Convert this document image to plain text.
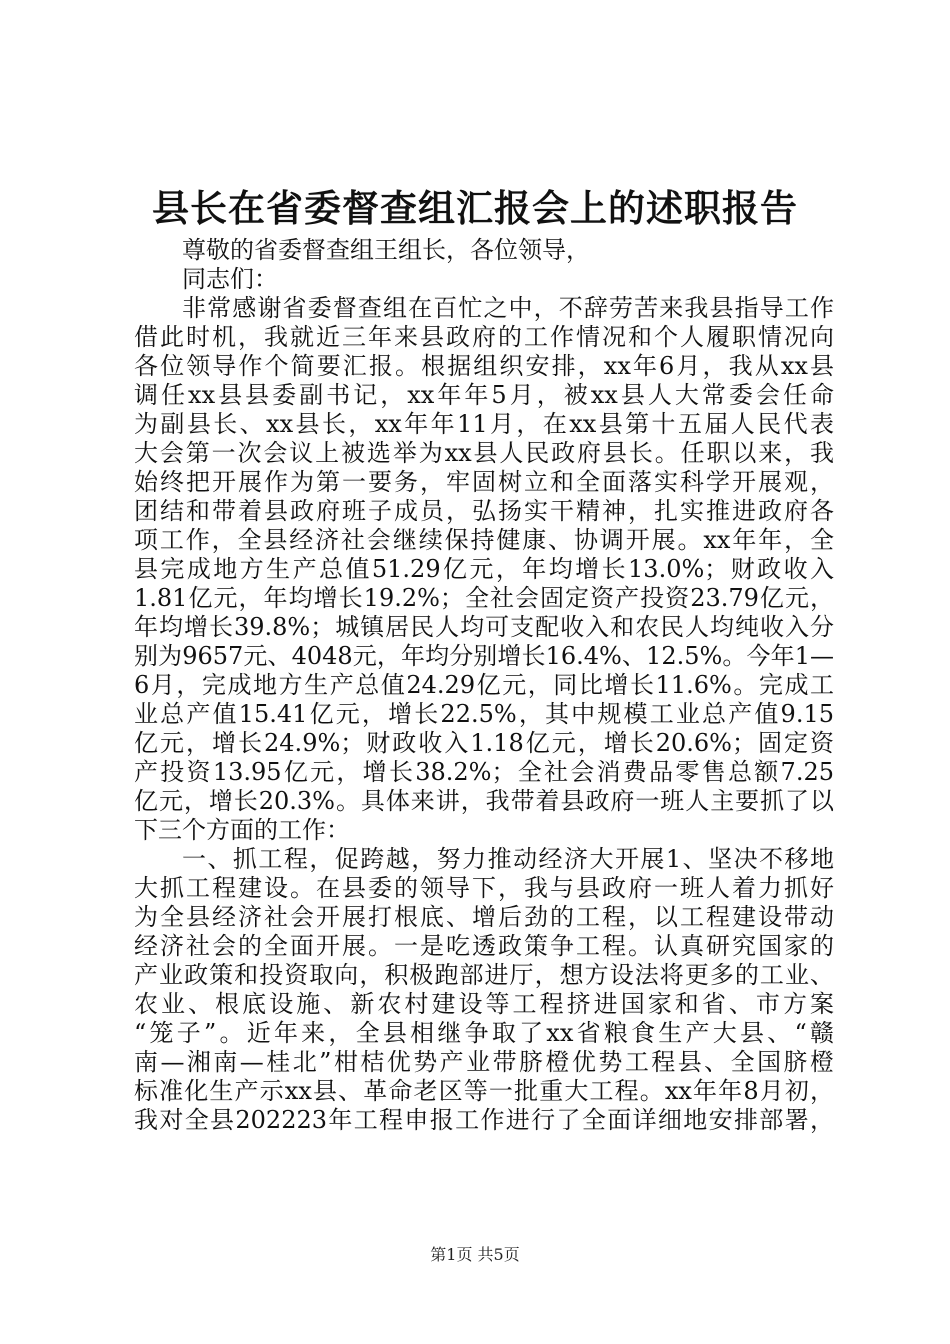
县长在省委督查组汇报会上的述职报告
尊敬的省委督查组王组长，各位领导，
同志们：
非常感谢省委督查组在百忙之中，不辞劳苦来我县指导工作
借此时机，我就近三年来县政府的工作情况和个人履职情况向
各位领导作个简要汇报。根据组织安排，xx年6月，我从xx县
调任xx县县委副书记，xx年年5月，被xx县人大常委会任命
为副县长、xx县长，xx年年11月，在xx县第十五届人民代表
大会第一次会议上被选举为xx县人民政府县长。任职以来，我
始终把开展作为第一要务，牢固树立和全面落实科学开展观，
团结和带着县政府班子成员，弘扬实干精神，扎实推进政府各
项工作，全县经济社会继续保持健康、协调开展。xx年年，全
县完成地方生产总值51.29亿元，年均增长13.0%；财政收入
1.81亿元，年均增长19.2%；全社会固定资产投资23.79亿元，
年均增长39.8%；城镇居民人均可支配收入和农民人均纯收入分
别为9657元、4048元，年均分别增长16.4%、12.5%。今年1—
6月，完成地方生产总值24.29亿元，同比增长11.6%。完成工
业总产值15.41亿元，增长22.5%，其中规模工业总产值9.15
亿元，增长24.9%；财政收入1.18亿元，增长20.6%；固定资
产投资13.95亿元，增长38.2%；全社会消费品零售总额7.25
亿元，增长20.3%。具体来讲，我带着县政府一班人主要抓了以
下三个方面的工作：
一、抓工程，促跨越，努力推动经济大开展1、坚决不移地
大抓工程建设。在县委的领导下，我与县政府一班人着力抓好
为全县经济社会开展打根底、增后劲的工程，以工程建设带动
经济社会的全面开展。一是吃透政策争工程。认真研究国家的
产业政策和投资取向，积极跑部进厅，想方设法将更多的工业、
农业、根底设施、新农村建设等工程挤进国家和省、市方案
“笼子”。近年来，全县相继争取了xx省粮食生产大县、“赣
南—湘南—桂北”柑桔优势产业带脐橙优势工程县、全国脐橙
标准化生产示xx县、革命老区等一批重大工程。xx年年8月初，
我对全县202223年工程申报工作进行了全面详细地安排部署，
第1页 共5页
